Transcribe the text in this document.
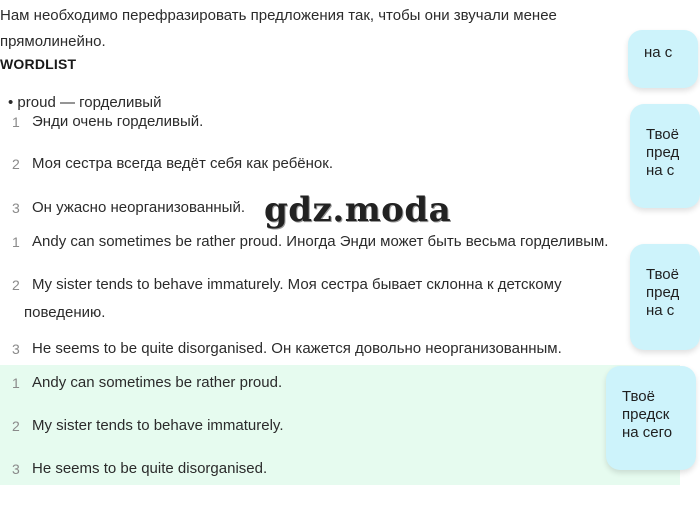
Нам необходимо перефразировать предложения так, чтобы они звучали менее прямолинейно.
WORDLIST
• proud — горделивый
1 Энди очень горделивый.
2 Моя сестра всегда ведёт себя как ребёнок.
3 Он ужасно неорганизованный.
1 Andy can sometimes be rather proud. Иногда Энди может быть весьма горделивым.
2 My sister tends to behave immaturely. Моя сестра бывает склонна к детскому поведению.
3 He seems to be quite disorganised. Он кажется довольно неорганизованным.
1 Andy can sometimes be rather proud.
2 My sister tends to behave immaturely.
3 He seems to be quite disorganised.
на с
Твоё
пред
на с
Твоё
пред
на с
Твоё
предск
на сего
gdz.moda
